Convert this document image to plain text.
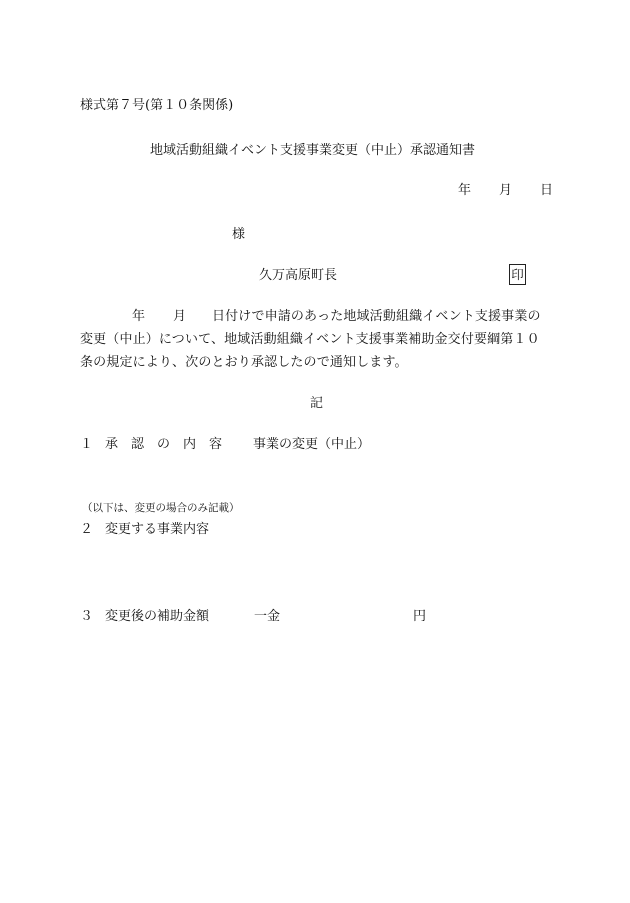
様式第７号(第１０条関係)
地域活動組織イベント支援事業変更（中止）承認通知書
年 月 日
様
久万高原町長	印
年 月 日付けで申請のあった地域活動組織イベント支援事業の
変更（中止）について、地域活動組織イベント支援事業補助金交付要綱第１０
条の規定により、次のとおり承認したので通知します。
記
１ 承　認　の　内　容 事業の変更（中止）
（以下は、変更の場合のみ記載）
２ 変更する事業内容
３ 変更後の補助金額	一金	円
